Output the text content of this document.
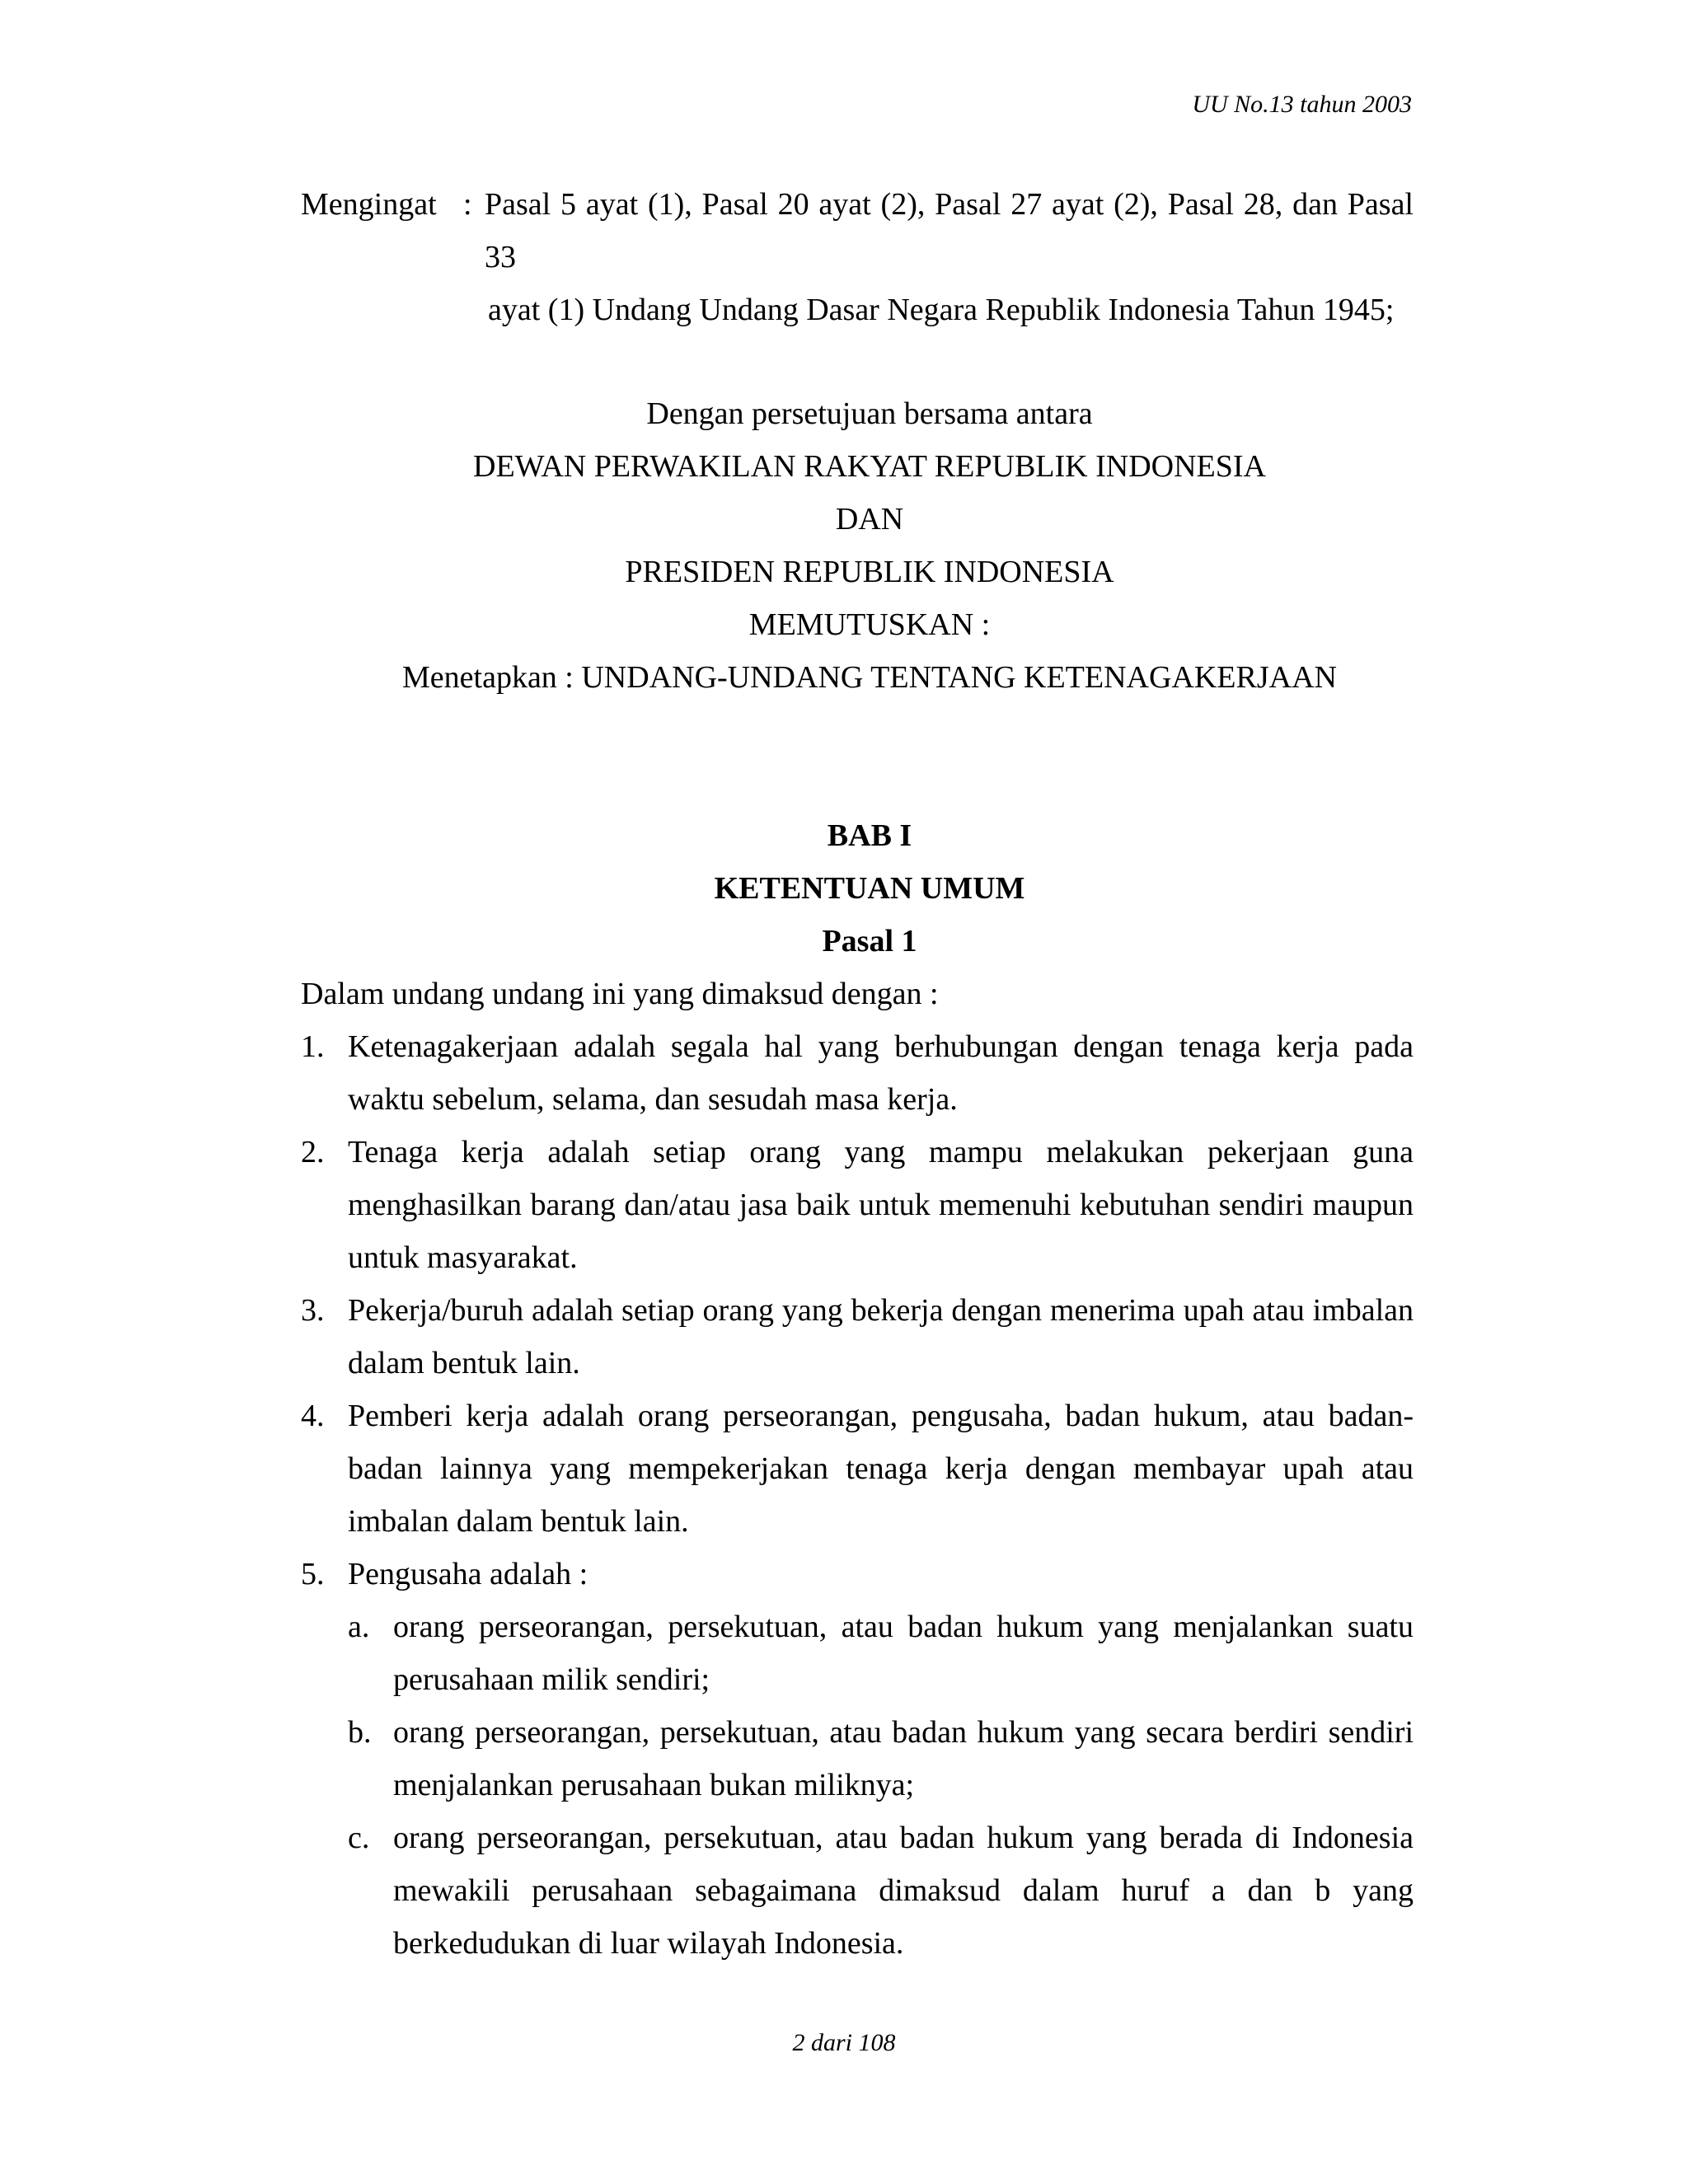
UU No.13 tahun 2003
Mengingat : Pasal 5 ayat (1), Pasal 20 ayat (2), Pasal 27 ayat (2), Pasal 28, dan Pasal 33
ayat (1) Undang Undang Dasar Negara Republik Indonesia Tahun 1945;
Dengan persetujuan bersama antara
DEWAN PERWAKILAN RAKYAT REPUBLIK INDONESIA
DAN
PRESIDEN REPUBLIK INDONESIA
MEMUTUSKAN :
Menetapkan : UNDANG-UNDANG TENTANG KETENAGAKERJAAN
BAB I
KETENTUAN UMUM
Pasal 1
Dalam undang undang ini yang dimaksud dengan :
1. Ketenagakerjaan adalah segala hal yang berhubungan dengan tenaga kerja pada waktu sebelum, selama, dan sesudah masa kerja.
2. Tenaga kerja adalah setiap orang yang mampu melakukan pekerjaan guna menghasilkan barang dan/atau jasa baik untuk memenuhi kebutuhan sendiri maupun untuk masyarakat.
3. Pekerja/buruh adalah setiap orang yang bekerja dengan menerima upah atau imbalan dalam bentuk lain.
4. Pemberi kerja adalah orang perseorangan, pengusaha, badan hukum, atau badan-badan lainnya yang mempekerjakan tenaga kerja dengan membayar upah atau imbalan dalam bentuk lain.
5. Pengusaha adalah :
a. orang perseorangan, persekutuan, atau badan hukum yang menjalankan suatu perusahaan milik sendiri;
b. orang perseorangan, persekutuan, atau badan hukum yang secara berdiri sendiri menjalankan perusahaan bukan miliknya;
c. orang perseorangan, persekutuan, atau badan hukum yang berada di Indonesia mewakili perusahaan sebagaimana dimaksud dalam huruf a dan b yang berkedudukan di luar wilayah Indonesia.
2 dari 108
